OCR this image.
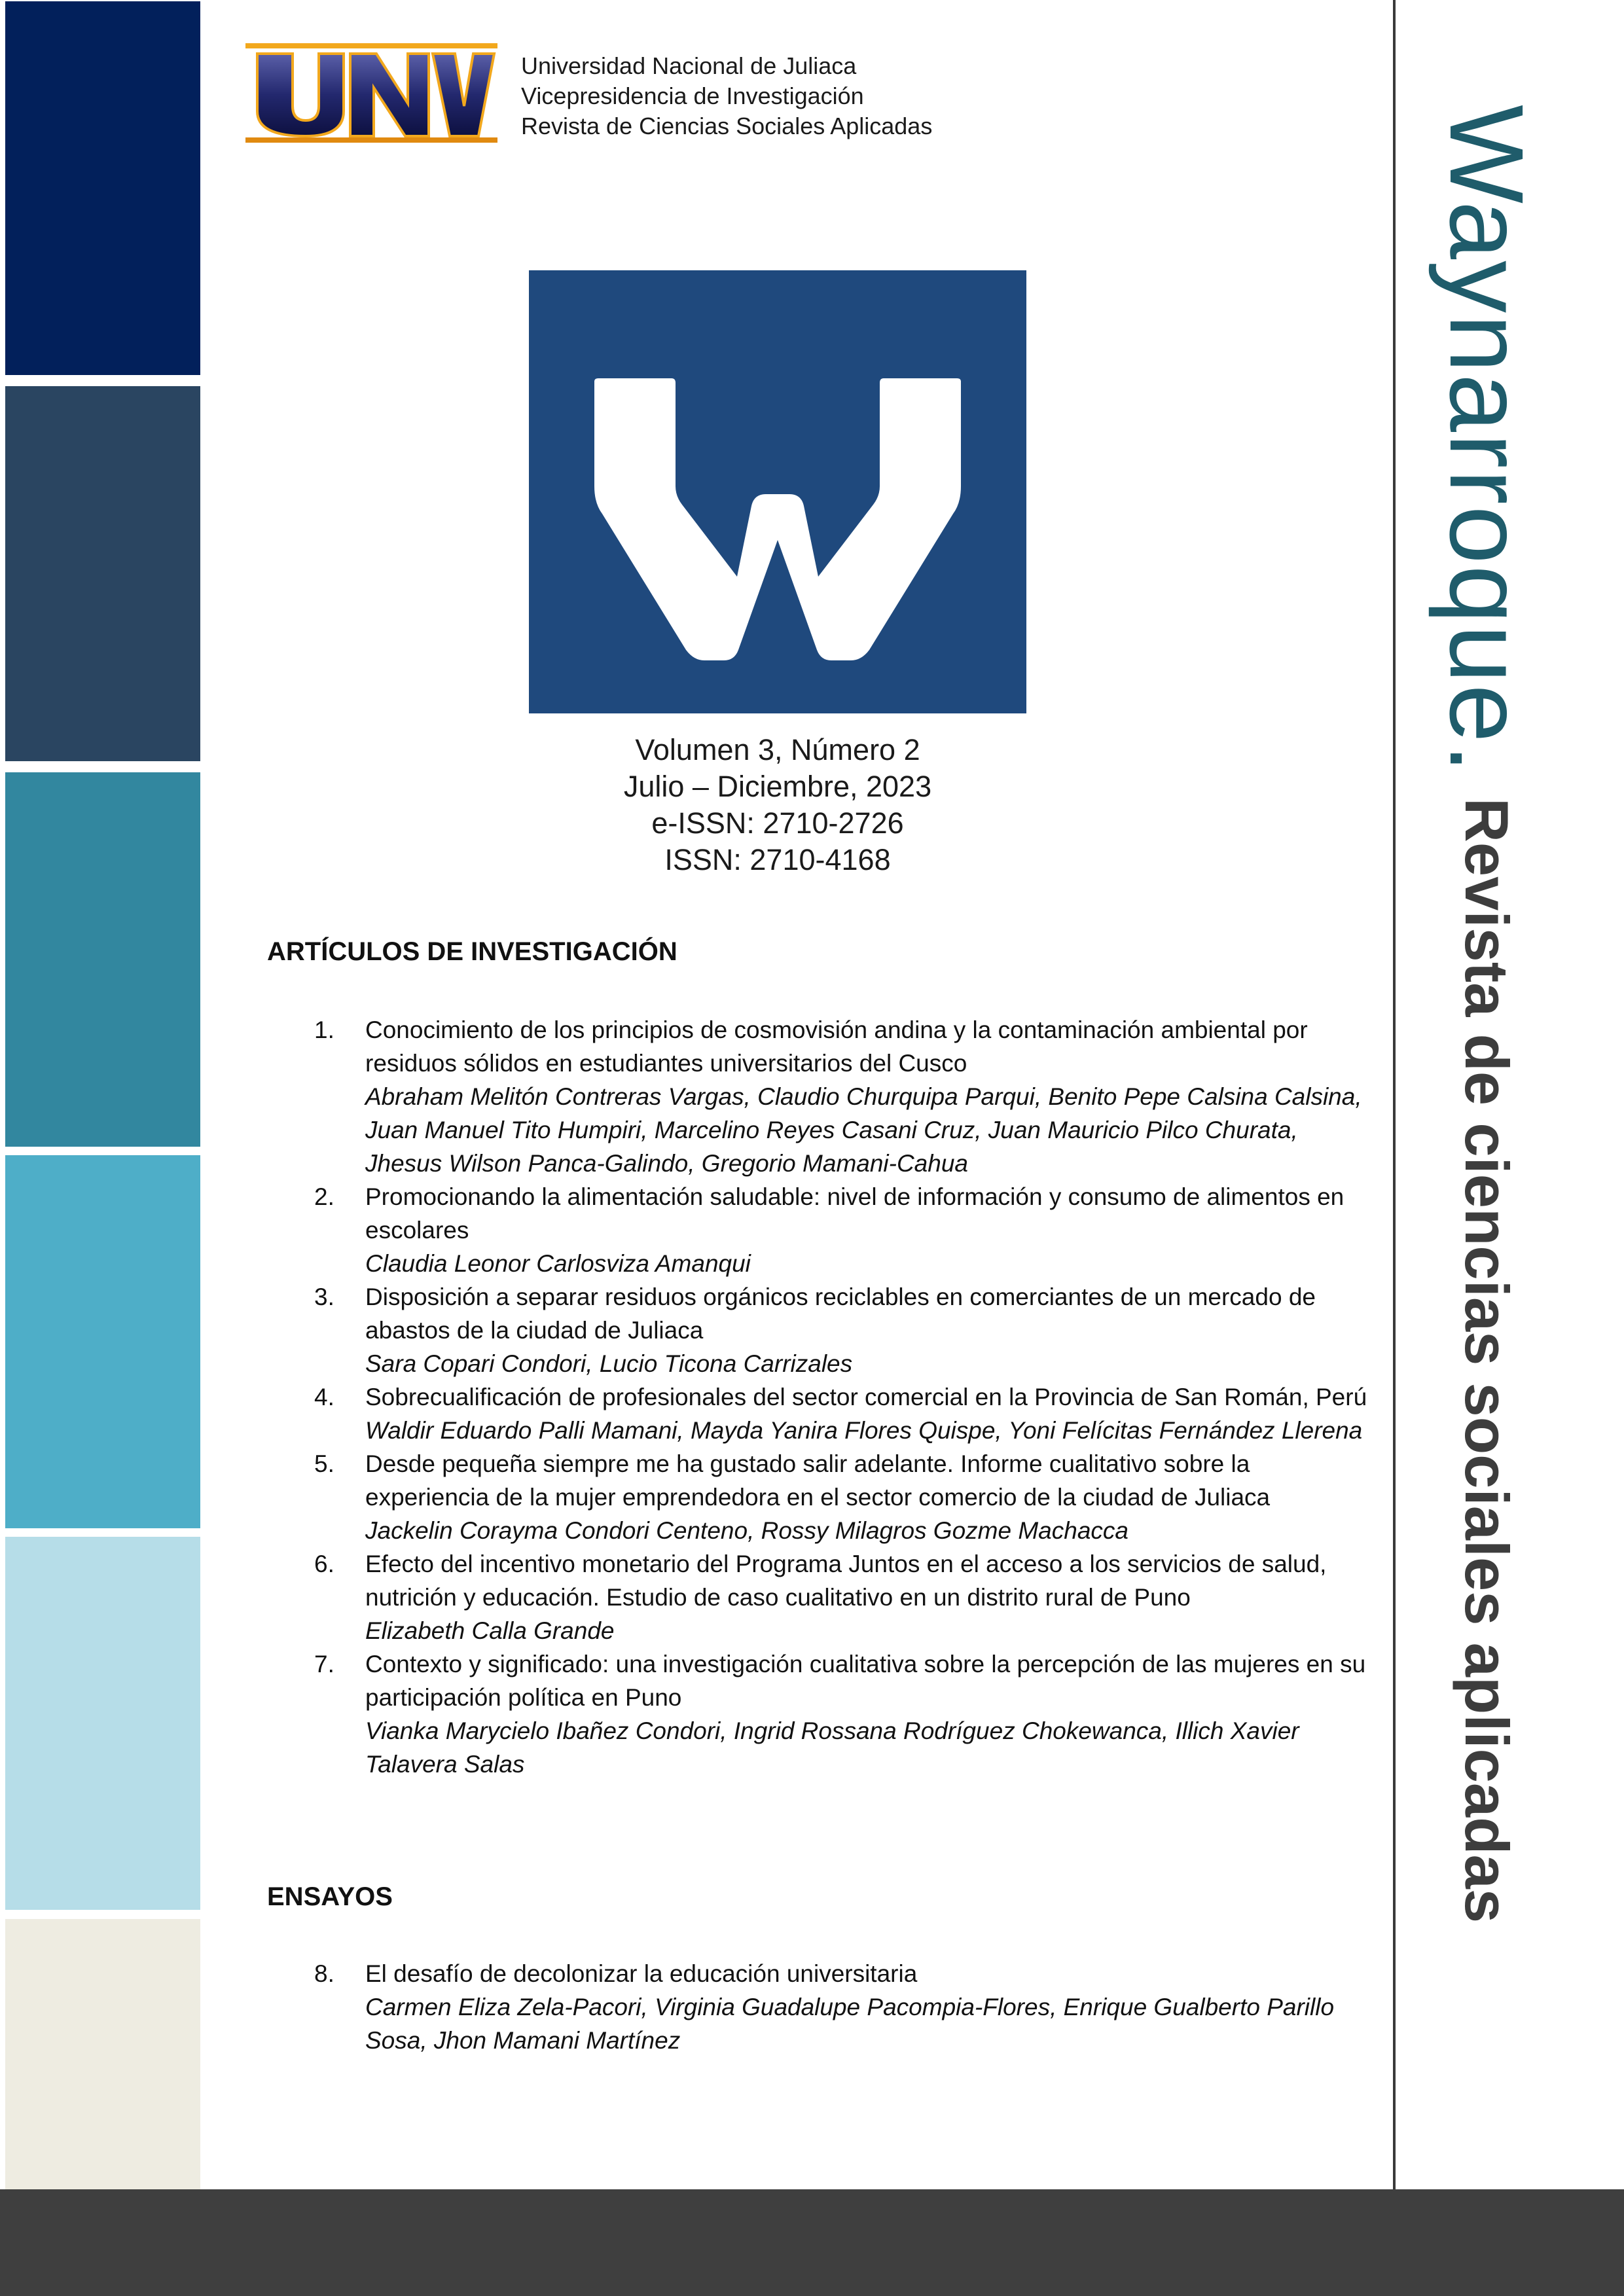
Universidad Nacional de Juliaca
Vicepresidencia de Investigación
Revista de Ciencias Sociales Aplicadas
Volumen 3, Número 2
Julio – Diciembre, 2023
e-ISSN: 2710-2726
ISSN: 2710-4168
Waynarroque.
Revista de ciencias sociales aplicadas
ARTÍCULOS DE INVESTIGACIÓN
1. Conocimiento de los principios de cosmovisión andina y la contaminación ambiental por residuos sólidos en estudiantes universitarios del Cusco
Abraham Melitón Contreras Vargas, Claudio Churquipa Parqui, Benito Pepe Calsina Calsina, Juan Manuel Tito Humpiri, Marcelino Reyes Casani Cruz, Juan Mauricio Pilco Churata, Jhesus Wilson Panca-Galindo, Gregorio Mamani-Cahua
2. Promocionando la alimentación saludable: nivel de información y consumo de alimentos en escolares
Claudia Leonor Carlosviza Amanqui
3. Disposición a separar residuos orgánicos reciclables en comerciantes de un mercado de abastos de la ciudad de Juliaca
Sara Copari Condori, Lucio Ticona Carrizales
4. Sobrecualificación de profesionales del sector comercial en la Provincia de San Román, Perú
Waldir Eduardo Palli Mamani, Mayda Yanira Flores Quispe, Yoni Felícitas Fernández Llerena
5. Desde pequeña siempre me ha gustado salir adelante. Informe cualitativo sobre la experiencia de la mujer emprendedora en el sector comercio de la ciudad de Juliaca
Jackelin Corayma Condori Centeno, Rossy Milagros Gozme Machacca
6. Efecto del incentivo monetario del Programa Juntos en el acceso a los servicios de salud, nutrición y educación. Estudio de caso cualitativo en un distrito rural de Puno
Elizabeth Calla Grande
7. Contexto y significado: una investigación cualitativa sobre la percepción de las mujeres en su participación política en Puno
Vianka Marycielo Ibañez Condori, Ingrid Rossana Rodríguez Chokewanca, Illich Xavier Talavera Salas
ENSAYOS
8. El desafío de decolonizar la educación universitaria
Carmen Eliza Zela-Pacori, Virginia Guadalupe Pacompia-Flores, Enrique Gualberto Parillo Sosa, Jhon Mamani Martínez
